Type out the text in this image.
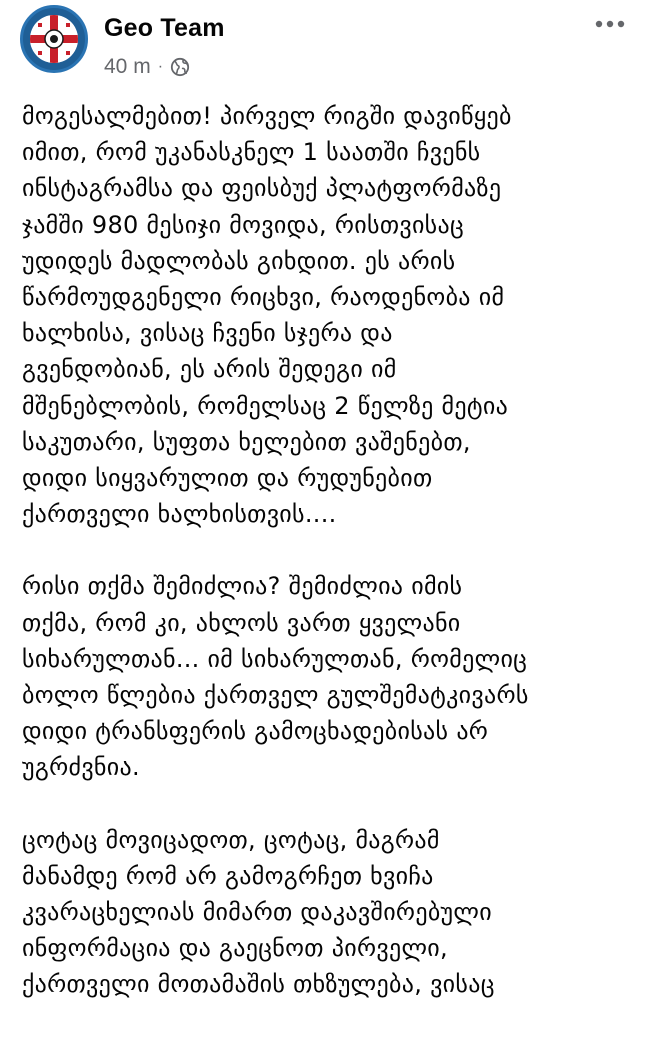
Geo Team
40 m ·

მოგესალმებით! პირველ რიგში დავიწყებ
იმით, რომ უკანასკნელ 1 საათში ჩვენს
ინსტაგრამსა და ფეისბუქ პლატფორმაზე
ჯამში 980 მესიჯი მოვიდა, რისთვისაც
უდიდეს მადლობას გიხდით. ეს არის
წარმოუდგენელი რიცხვი, რაოდენობა იმ
ხალხისა, ვისაც ჩვენი სჯერა და
გვენდობიან, ეს არის შედეგი იმ
მშენებლობის, რომელსაც 2 წელზე მეტია
საკუთარი, სუფთა ხელებით ვაშენებთ,
დიდი სიყვარულით და რუდუნებით
ქართველი ხალხისთვის....

რისი თქმა შემიძლია? შემიძლია იმის
თქმა, რომ კი, ახლოს ვართ ყველანი
სიხარულთან... იმ სიხარულთან, რომელიც
ბოლო წლებია ქართველ გულშემატკივარს
დიდი ტრანსფერის გამოცხადებისას არ
უგრძვნია.

ცოტაც მოვიცადოთ, ცოტაც, მაგრამ
მანამდე რომ არ გამოგრჩეთ ხვიჩა
კვარაცხელიას მიმართ დაკავშირებული
ინფორმაცია და გაეცნოთ პირველი,
ქართველი მოთამაშის თხზულება, ვისაც
